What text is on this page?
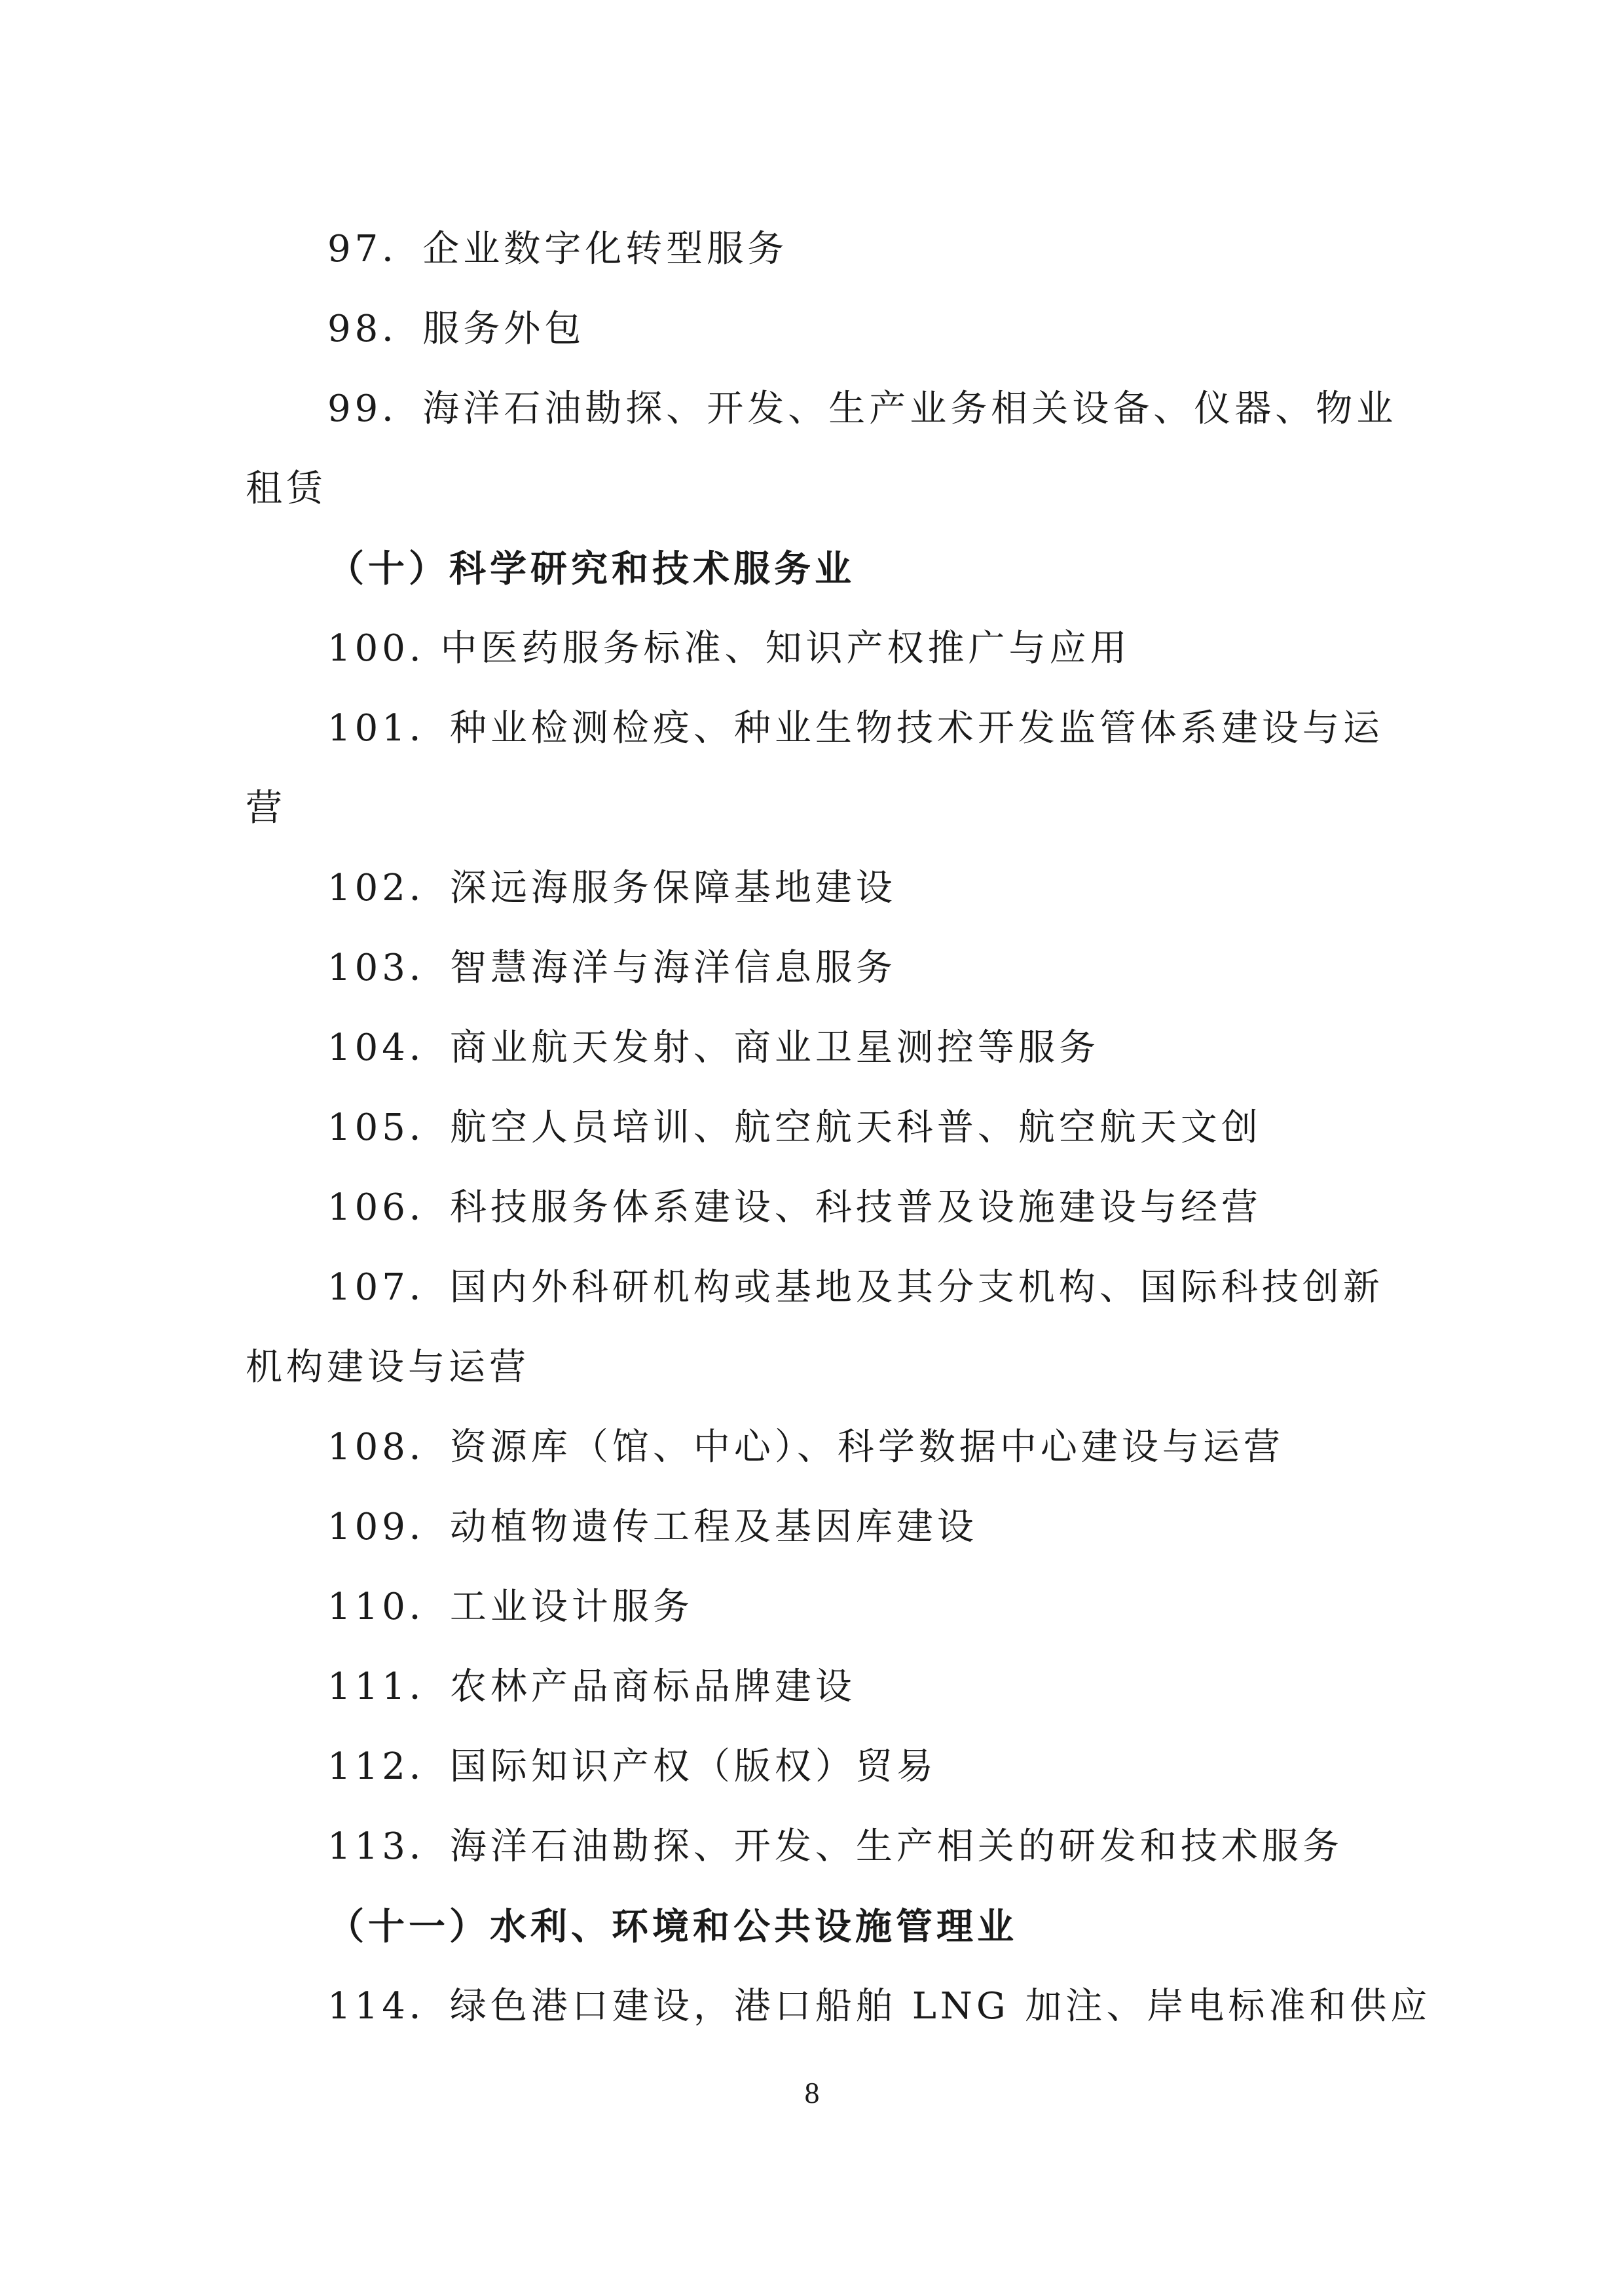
97．企业数字化转型服务
98．服务外包
99．海洋石油勘探、开发、生产业务相关设备、仪器、物业
租赁
（十）科学研究和技术服务业
100. 中医药服务标准、知识产权推广与应用
101．种业检测检疫、种业生物技术开发监管体系建设与运
营
102．深远海服务保障基地建设
103．智慧海洋与海洋信息服务
104．商业航天发射、商业卫星测控等服务
105．航空人员培训、航空航天科普、航空航天文创
106．科技服务体系建设、科技普及设施建设与经营
107．国内外科研机构或基地及其分支机构、国际科技创新
机构建设与运营
108．资源库（馆、中心）、科学数据中心建设与运营
109．动植物遗传工程及基因库建设
110．工业设计服务
111．农林产品商标品牌建设
112．国际知识产权（版权）贸易
113．海洋石油勘探、开发、生产相关的研发和技术服务
（十一）水利、环境和公共设施管理业
114．绿色港口建设，港口船舶 LNG 加注、岸电标准和供应
8
